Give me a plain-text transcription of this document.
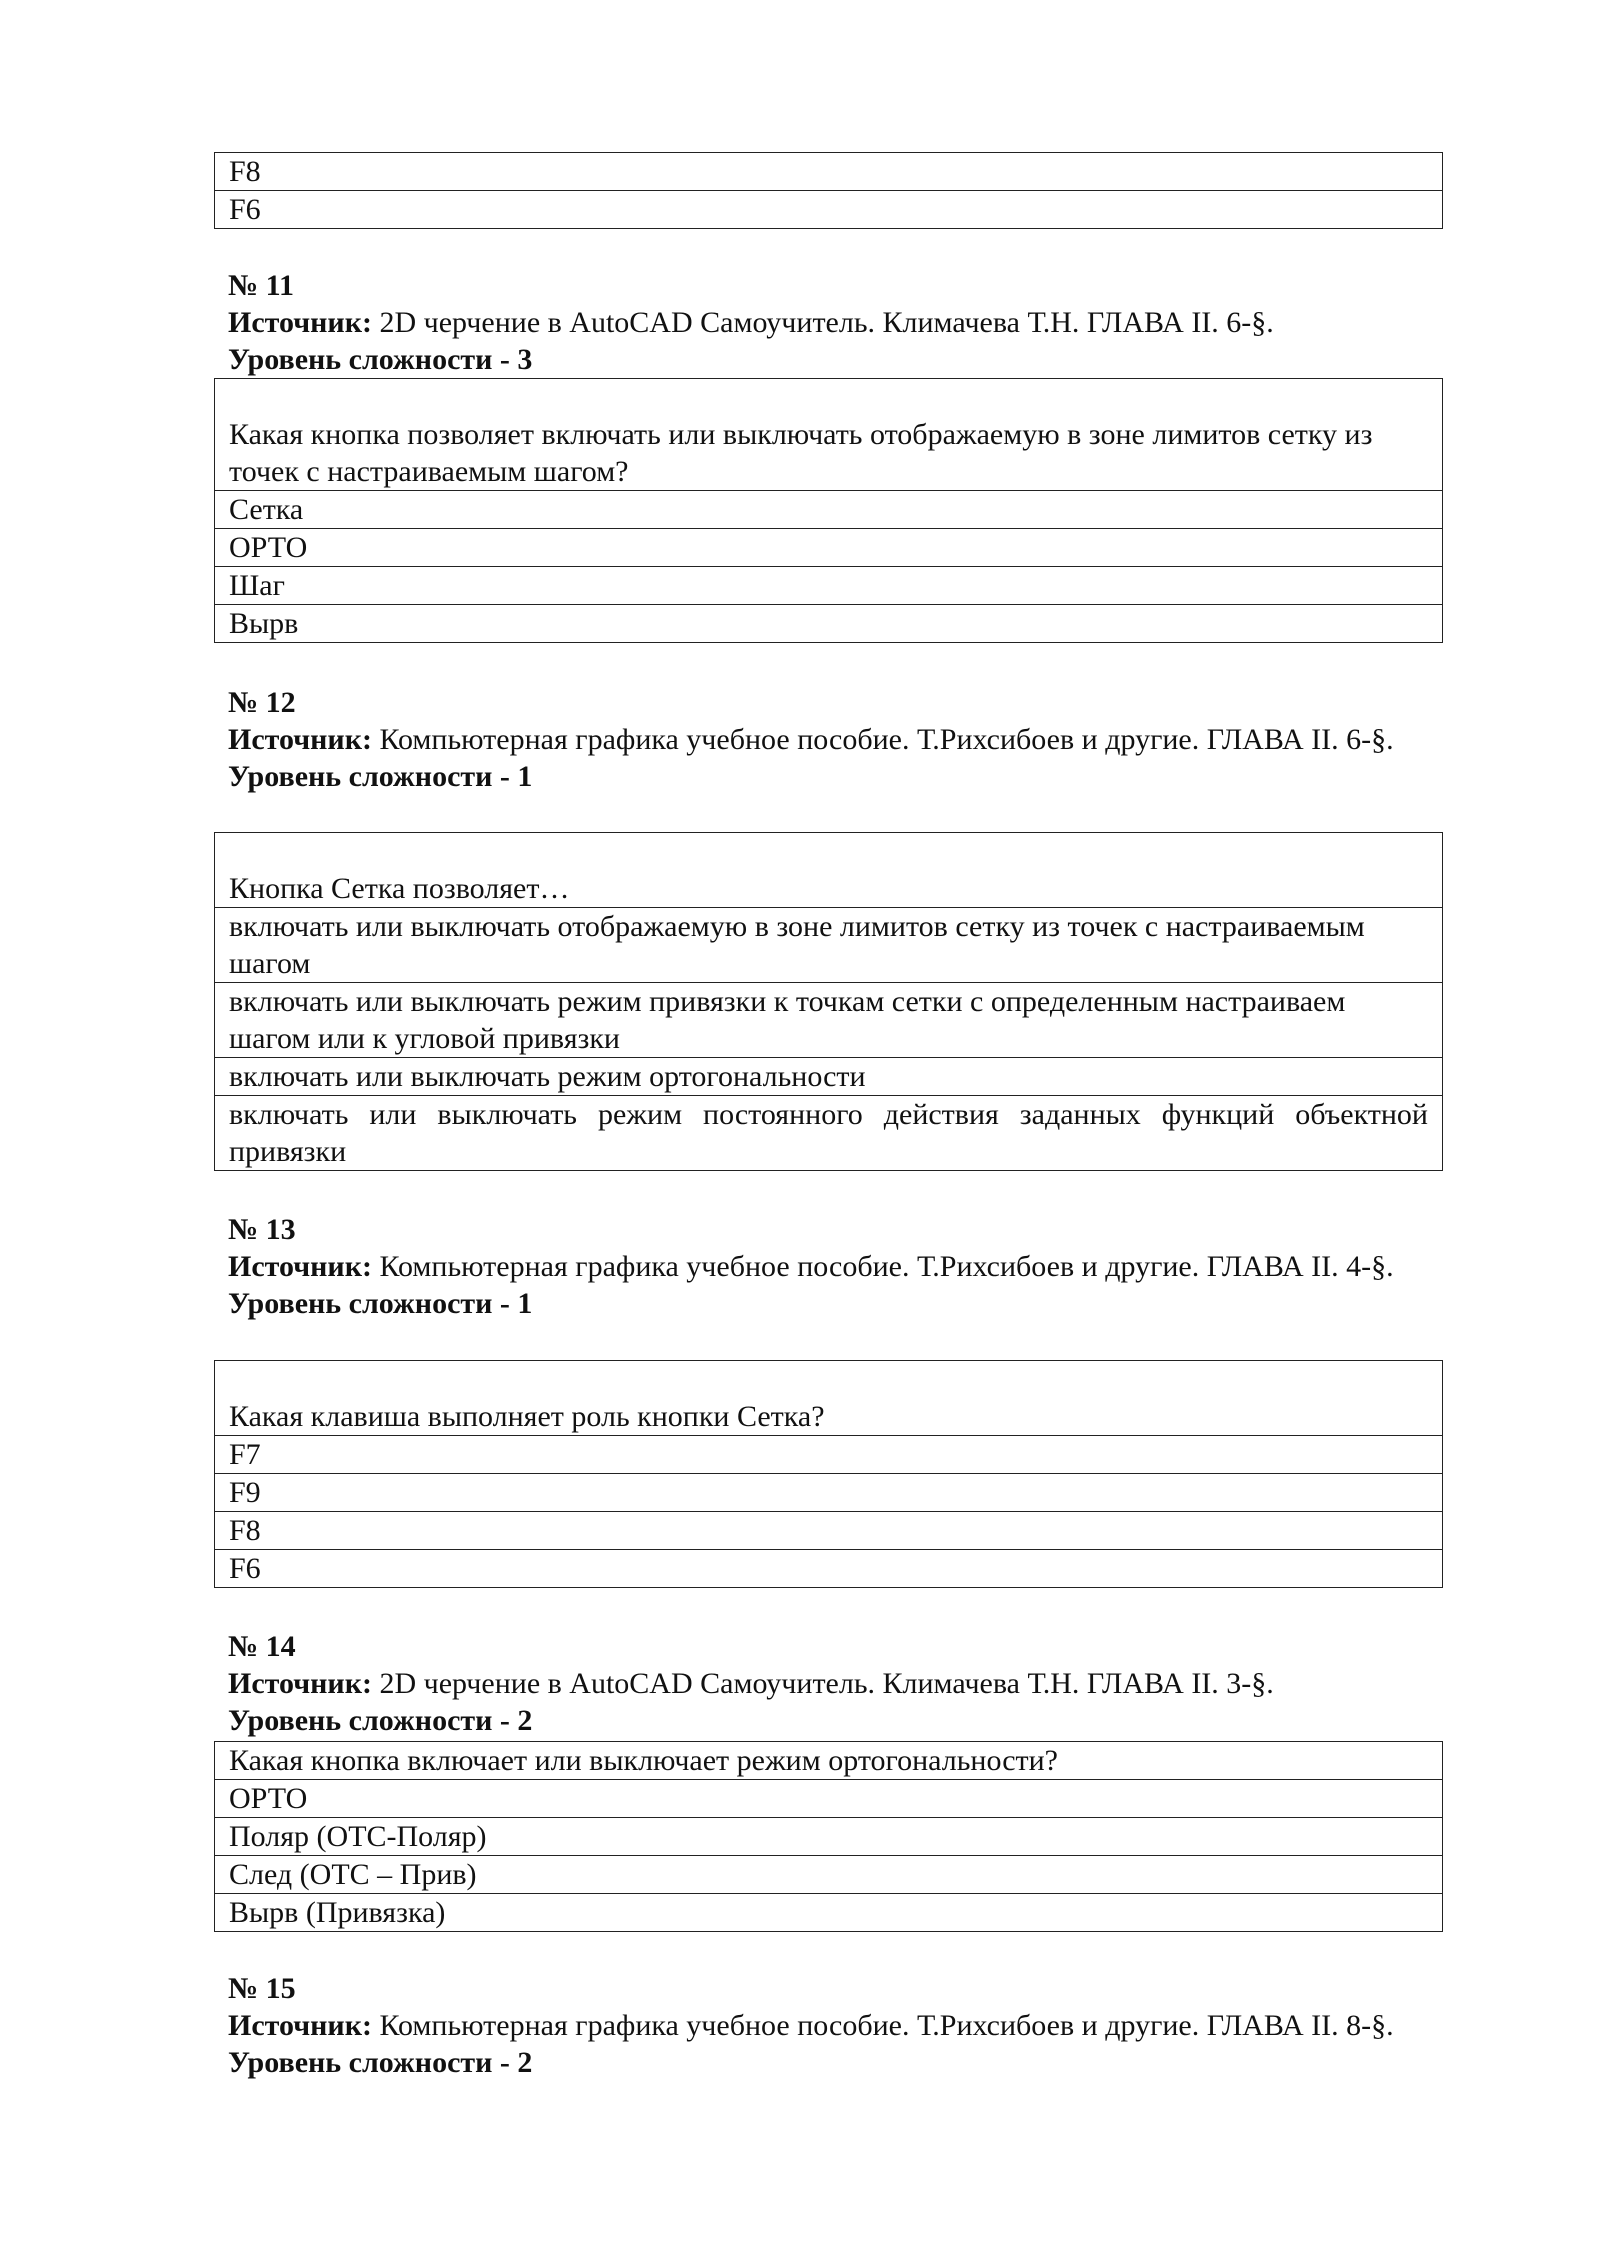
F8
F6

№ 11

Источник: 2D черчение в AutoCAD Самоучитель. Климачева Т.Н. ГЛАВА II. 6-§.

Уровень сложности - 3

Какая кнопка позволяет включать или выключать отображаемую в зоне лимитов сетку из точек с настраиваемым шагом?
Сетка
ОРТО
Шаг
Вырв

№ 12

Источник: Компьютерная графика учебное пособие. Т.Рихсибоев и другие. ГЛАВА II. 6-§.

Уровень сложности - 1

Кнопка Сетка позволяет…
включать или выключать отображаемую в зоне лимитов сетку из точек с настраиваемым шагом
включать или выключать режим привязки к точкам сетки с определенным настраиваем шагом или к угловой привязки
включать или выключать режим ортогональности
включать или выключать режим постоянного действия заданных функций объектной привязки

№ 13

Источник: Компьютерная графика учебное пособие. Т.Рихсибоев и другие. ГЛАВА II. 4-§.

Уровень сложности - 1

Какая клавиша выполняет роль кнопки Сетка?
F7
F9
F8
F6

№ 14

Источник: 2D черчение в AutoCAD Самоучитель. Климачева Т.Н. ГЛАВА II. 3-§.

Уровень сложности - 2

Какая кнопка включает или выключает режим ортогональности?
ОРТО
Поляр (ОТС-Поляр)
След (ОТС – Прив)
Вырв (Привязка)

№ 15

Источник: Компьютерная графика учебное пособие. Т.Рихсибоев и другие. ГЛАВА II. 8-§.

Уровень сложности - 2
